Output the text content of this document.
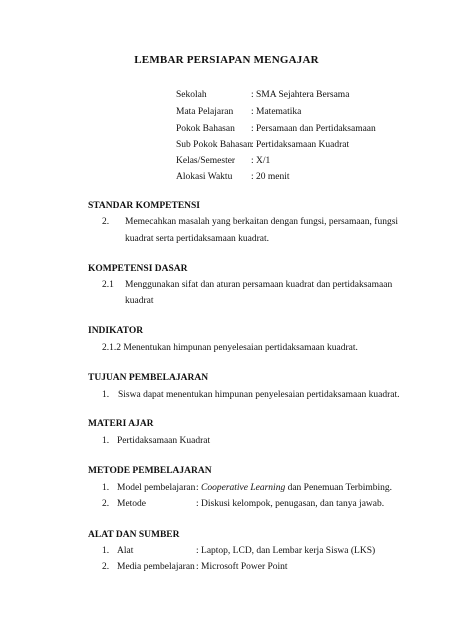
LEMBAR PERSIAPAN MENGAJAR
Sekolah	: SMA Sejahtera Bersama
Mata Pelajaran : Matematika
Pokok Bahasan : Persamaan dan Pertidaksamaan
Sub Pokok Bahasan : Pertidaksamaan Kuadrat
Kelas/Semester : X/1
Alokasi Waktu : 20 menit
STANDAR KOMPETENSI
2. Memecahkan masalah yang berkaitan dengan fungsi, persamaan, fungsi
kuadrat serta pertidaksamaan kuadrat.
KOMPETENSI DASAR
2.1 Menggunakan sifat dan aturan persamaan kuadrat dan pertidaksamaan
kuadrat
INDIKATOR
2.1.2 Menentukan himpunan penyelesaian pertidaksamaan kuadrat.
TUJUAN PEMBELAJARAN
1. Siswa dapat menentukan himpunan penyelesaian pertidaksamaan kuadrat.
MATERI AJAR
1. Pertidaksamaan Kuadrat
METODE PEMBELAJARAN
1. Model pembelajaran : Cooperative Learning dan Penemuan Terbimbing.
2. Metode	: Diskusi kelompok, penugasan, dan tanya jawab.
ALAT DAN SUMBER
1. Alat	: Laptop, LCD, dan Lembar kerja Siswa (LKS)
2. Media pembelajaran : Microsoft Power Point
